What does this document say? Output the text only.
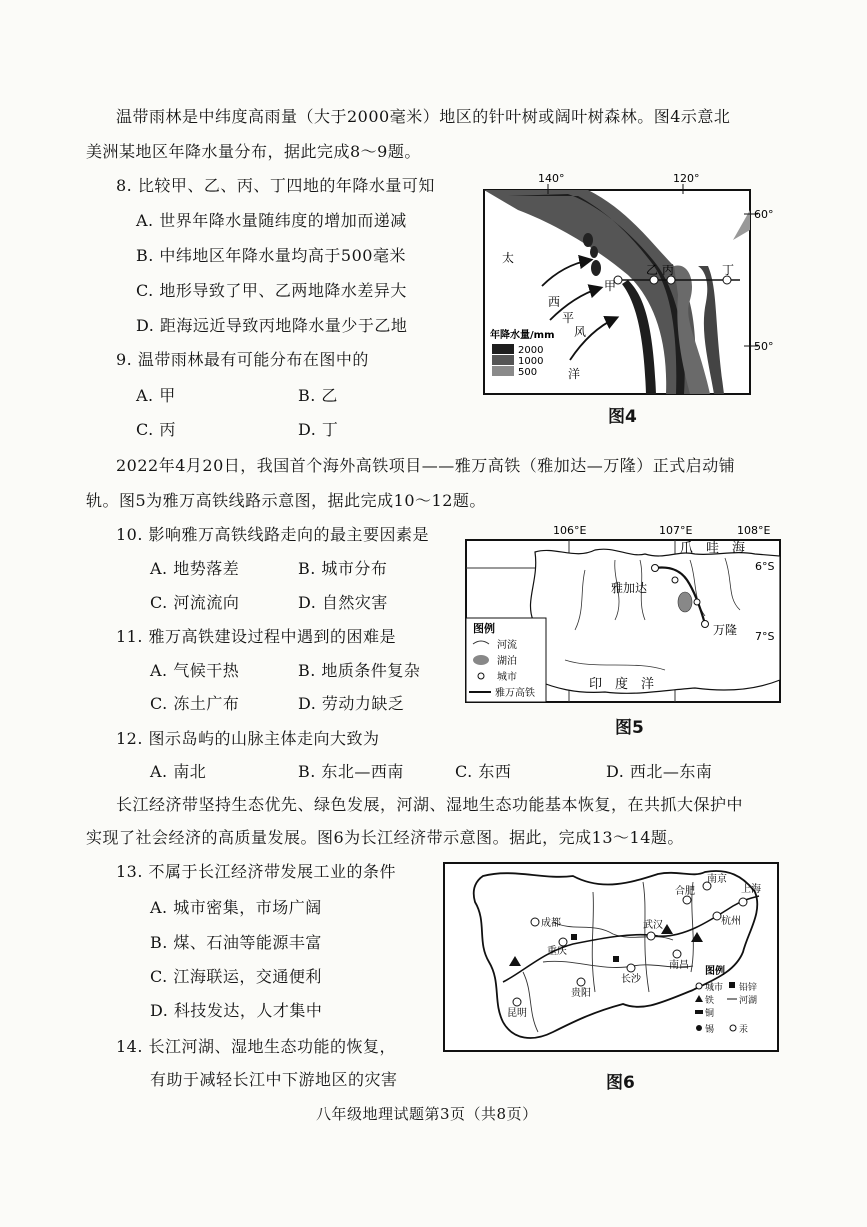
温带雨林是中纬度高雨量（大于2000毫米）地区的针叶树或阔叶树森林。图4示意北
美洲某地区年降水量分布，据此完成8～9题。
8. 比较甲、乙、丙、丁四地的年降水量可知
A. 世界年降水量随纬度的增加而递减
B. 中纬地区年降水量均高于500毫米
C. 地形导致了甲、乙两地降水差异大
D. 距海远近导致丙地降水量少于乙地
9. 温带雨林最有可能分布在图中的
A. 甲	B. 乙
C. 丙	D. 丁
140°	120°
60°
50°
太
西
平
风
洋
甲
乙 丙	丁
年降水量/mm
2000
1000
500
图4
2022年4月20日，我国首个海外高铁项目——雅万高铁（雅加达—万隆）正式启动铺
轨。图5为雅万高铁线路示意图，据此完成10～12题。
10. 影响雅万高铁线路走向的最主要因素是
A. 地势落差	B. 城市分布
C. 河流流向	D. 自然灾害
11. 雅万高铁建设过程中遇到的困难是
A. 气候干热	B. 地质条件复杂
C. 冻土广布	D. 劳动力缺乏
12. 图示岛屿的山脉主体走向大致为
A. 南北	B. 东北—西南	C. 东西	D. 西北—东南
106°E	107°E	108°E
6°S
7°S
爪　哇　海
雅加达
万隆
印　度　洋
图例
河流
湖泊
城市
雅万高铁
图5
长江经济带坚持生态优先、绿色发展，河湖、湿地生态功能基本恢复，在共抓大保护中
实现了社会经济的高质量发展。图6为长江经济带示意图。据此，完成13～14题。
13. 不属于长江经济带发展工业的条件
A. 城市密集，市场广阔
B. 煤、石油等能源丰富
C. 江海联运，交通便利
D. 科技发达，人才集中
14. 长江河湖、湿地生态功能的恢复，
有助于减轻长江中下游地区的灾害
成都
重庆
贵阳
昆明
长沙
武汉
南昌
合肥
南京
杭州
上海
图例
城市 铅锌
铁	河湖
铜
锡	汞
图6
八年级地理试题第3页（共8页）
